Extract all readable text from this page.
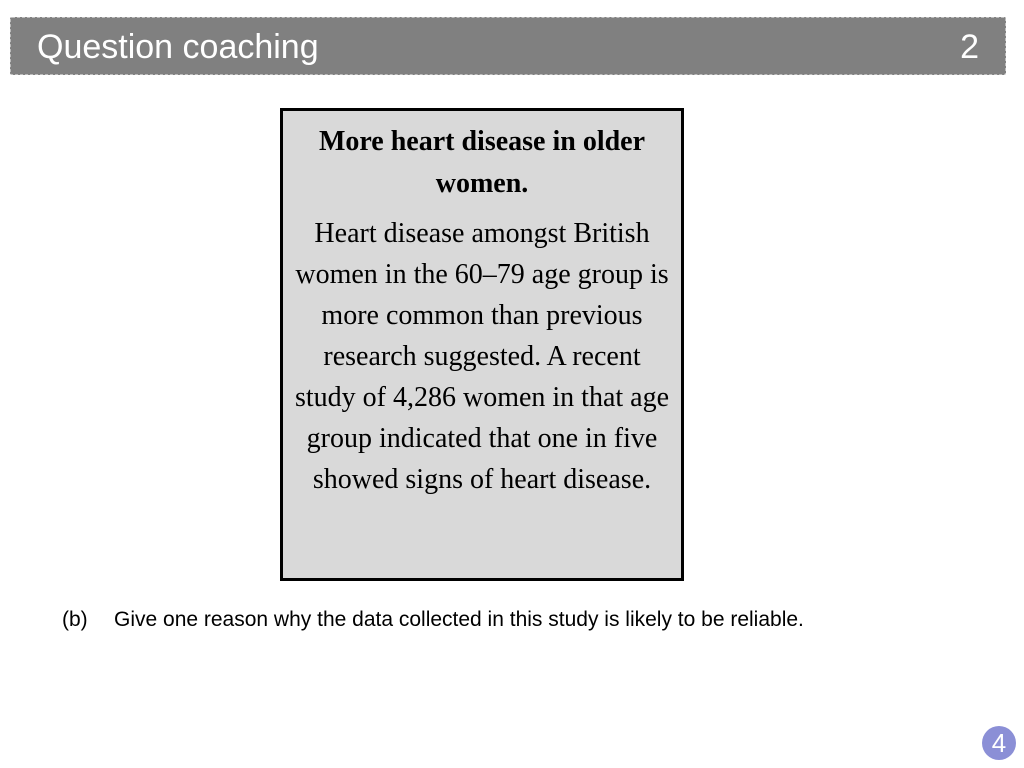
Question coaching	2

More heart disease in older women.

Heart disease amongst British women in the 60–79 age group is more common than previous research suggested. A recent study of 4,286 women in that age group indicated that one in five showed signs of heart disease.

(b) Give one reason why the data collected in this study is likely to be reliable.
4
